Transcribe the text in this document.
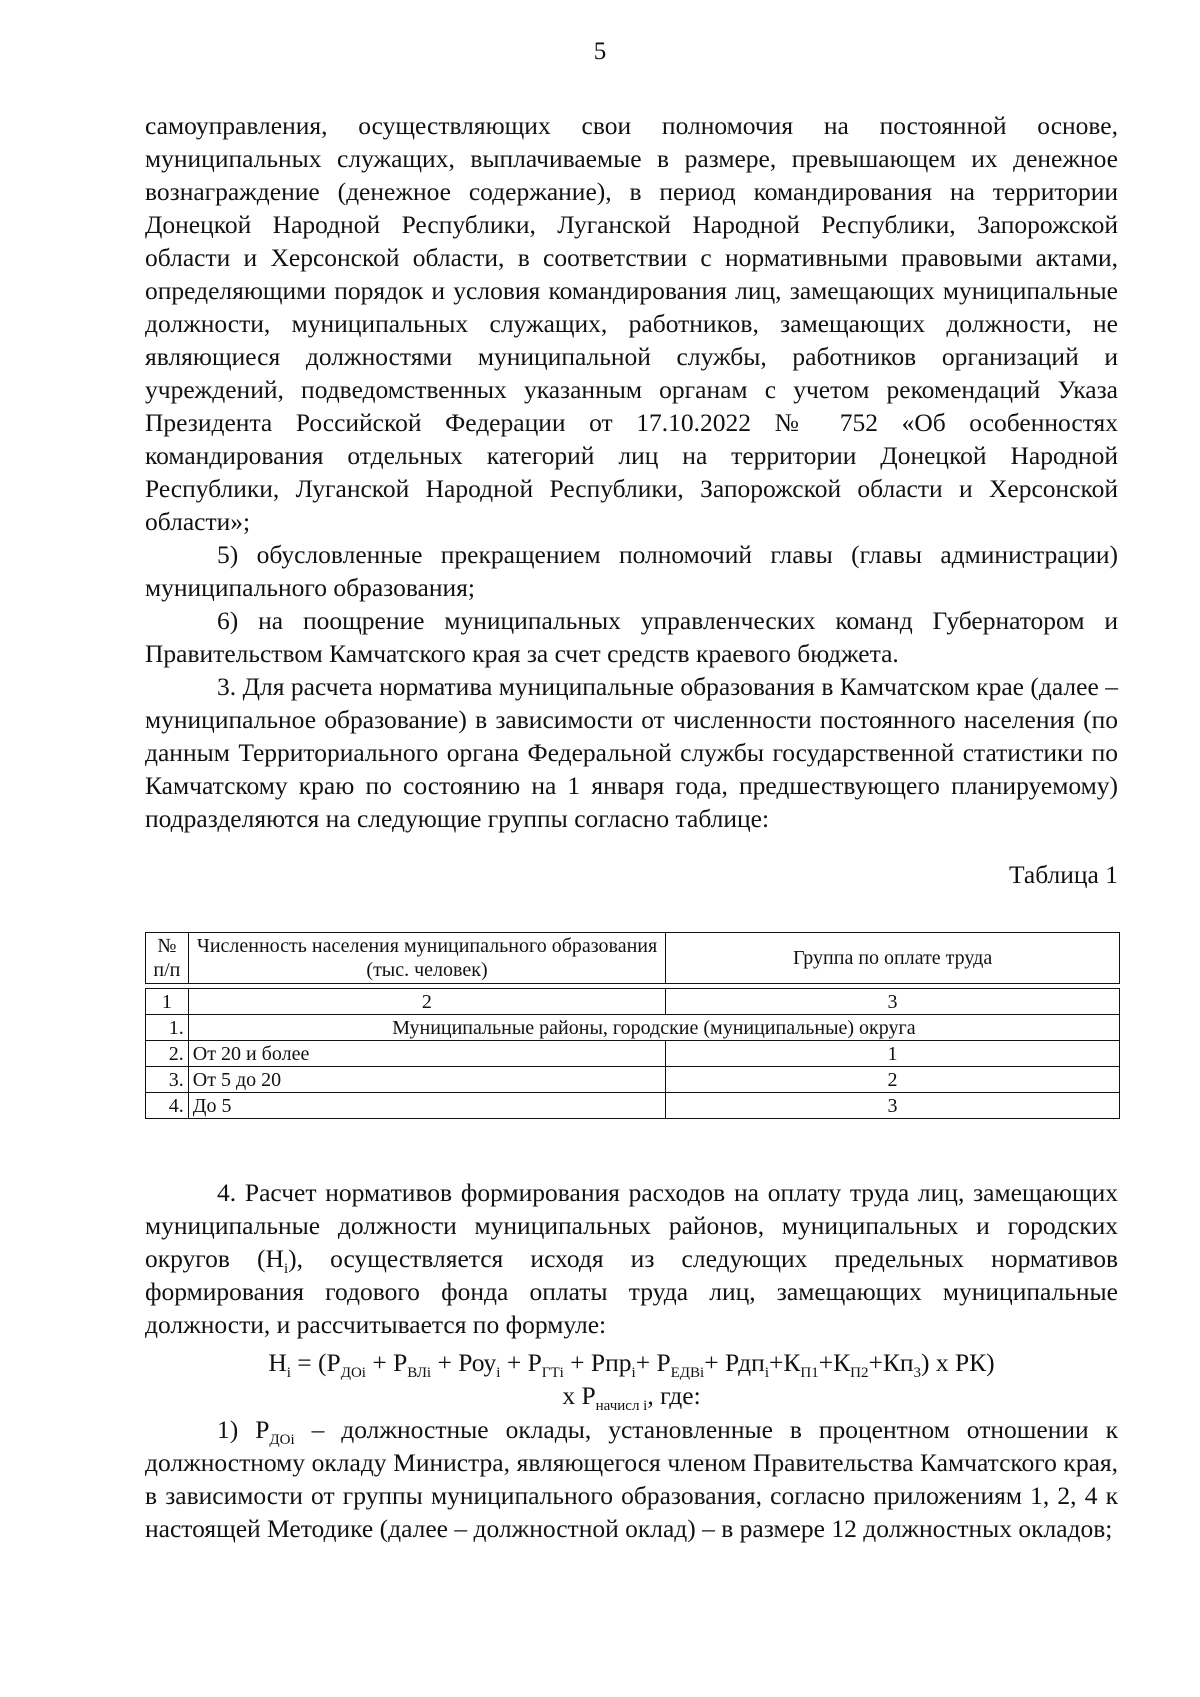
5

самоуправления, осуществляющих свои полномочия на постоянной основе, муниципальных служащих, выплачиваемые в размере, превышающем их денежное вознаграждение (денежное содержание), в период командирования на территории Донецкой Народной Республики, Луганской Народной Республики, Запорожской области и Херсонской области, в соответствии с нормативными правовыми актами, определяющими порядок и условия командирования лиц, замещающих муниципальные должности, муниципальных служащих, работников, замещающих должности, не являющиеся должностями муниципальной службы, работников организаций и учреждений, подведомственных указанным органам с учетом рекомендаций Указа Президента Российской Федерации от 17.10.2022 № 752 «Об особенностях командирования отдельных категорий лиц на территории Донецкой Народной Республики, Луганской Народной Республики, Запорожской области и Херсонской области»;

5) обусловленные прекращением полномочий главы (главы администрации) муниципального образования;

6) на поощрение муниципальных управленческих команд Губернатором и Правительством Камчатского края за счет средств краевого бюджета.

3. Для расчета норматива муниципальные образования в Камчатском крае (далее – муниципальное образование) в зависимости от численности постоянного населения (по данным Территориального органа Федеральной службы государственной статистики по Камчатскому краю по состоянию на 1 января года, предшествующего планируемому) подразделяются на следующие группы согласно таблице:

Таблица 1
№ п/п	Численность населения муниципального образования (тыс. человек)	Группа по оплате труда
1	2	3
1.	Муниципальные районы, городские (муниципальные) округа	
2.	От 20 и более	1
3.	От 5 до 20	2
4.	До 5	3

4. Расчет нормативов формирования расходов на оплату труда лиц, замещающих муниципальные должности муниципальных районов, муниципальных и городских округов $(Н_i)$, осуществляется исходя из следующих предельных нормативов формирования годового фонда оплаты труда лиц, замещающих муниципальные должности, и рассчитывается по формуле:

$Н_i = (Р_{ДОi} + Р_{ВЛi} + Роу_i + Р_{ГТi} + Рпр_i+ Р_{ЕДВi}+ Рдп_i+К_{П1}+К_{П2}+Кп_3)$ х РК)
х $Р_{начисл i}$, где:

1) $Р_{ДОi}$ – должностные оклады, установленные в процентном отношении к должностному окладу Министра, являющегося членом Правительства Камчатского края, в зависимости от группы муниципального образования, согласно приложениям 1, 2, 4 к настоящей Методике (далее – должностной оклад) – в размере 12 должностных окладов;
